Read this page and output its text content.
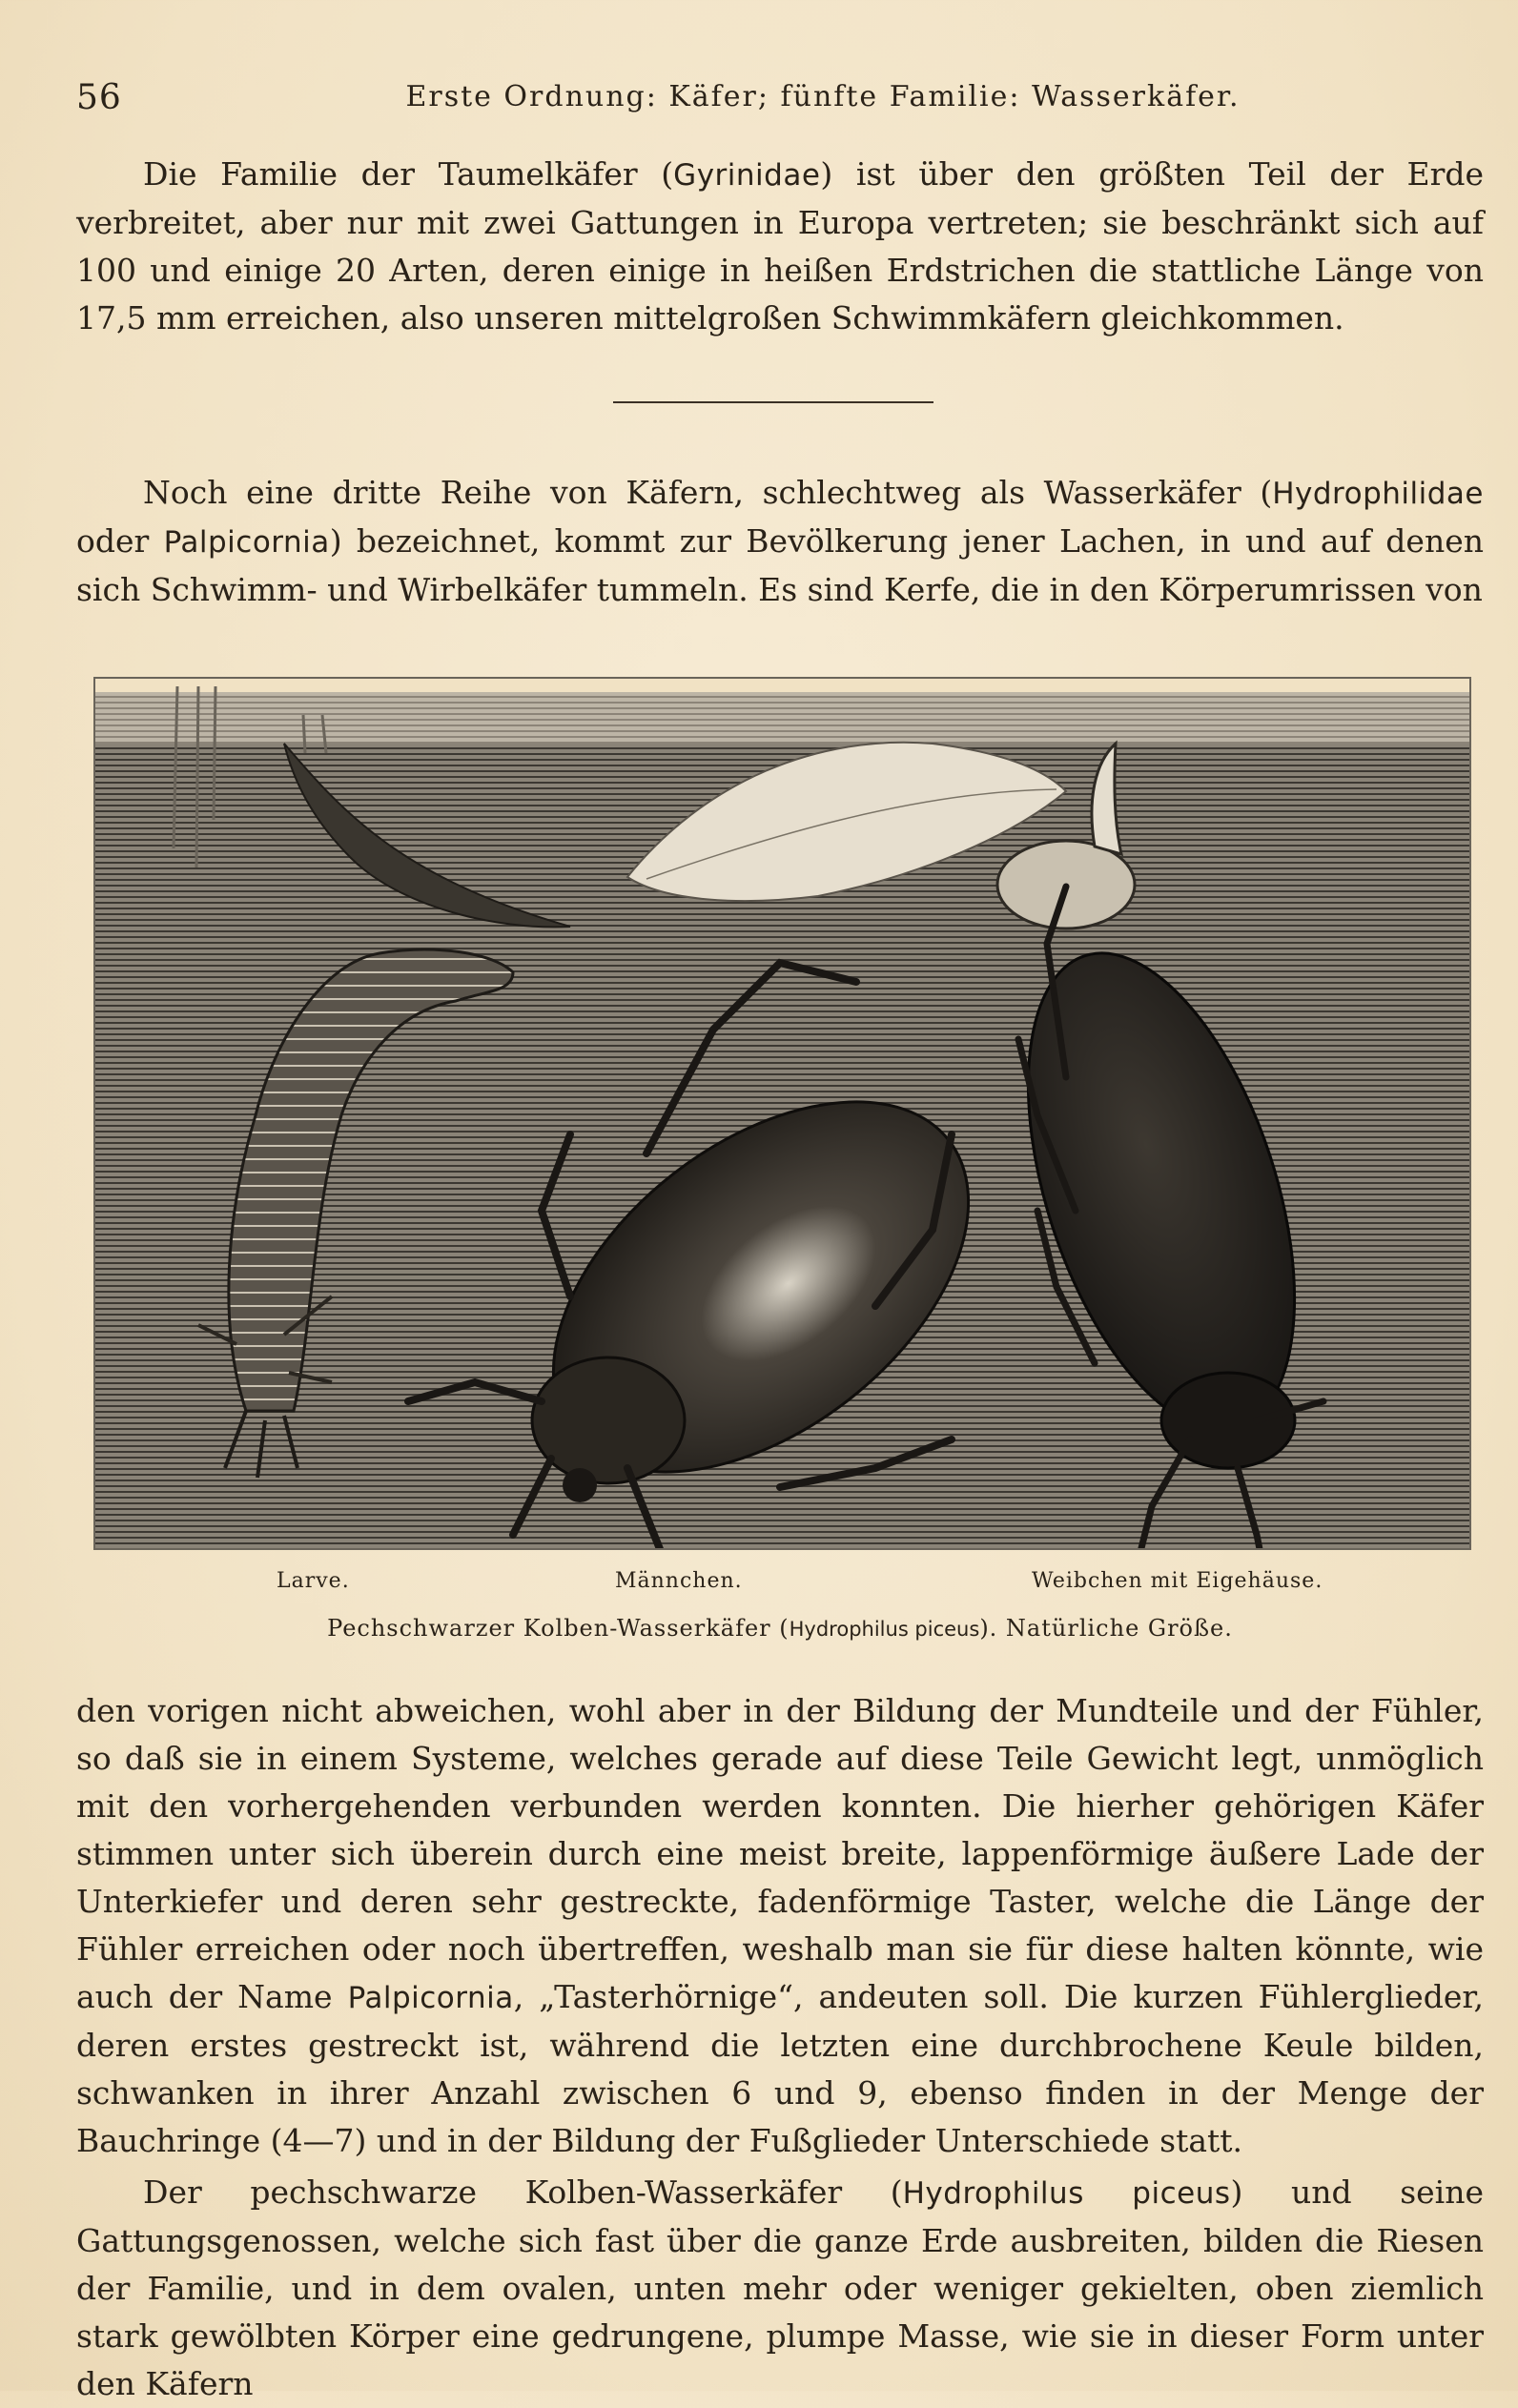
56	Erste Ordnung: Käfer; fünfte Familie: Wasserkäfer.

Die Familie der Taumelkäfer (Gyrinidae) ist über den größten Teil der Erde verbreitet, aber nur mit zwei Gattungen in Europa vertreten; sie beschränkt sich auf 100 und einige 20 Arten, deren einige in heißen Erdstrichen die stattliche Länge von 17,5 mm erreichen, also unseren mittelgroßen Schwimmkäfern gleichkommen.

Noch eine dritte Reihe von Käfern, schlechtweg als Wasserkäfer (Hydrophilidae oder Palpicornia) bezeichnet, kommt zur Bevölkerung jener Lachen, in und auf denen sich Schwimm- und Wirbelkäfer tummeln. Es sind Kerfe, die in den Körperumrissen von

Larve.	Männchen.	Weibchen mit Eigehäuse.
Pechschwarzer Kolben-Wasserkäfer (Hydrophilus piceus). Natürliche Größe.

den vorigen nicht abweichen, wohl aber in der Bildung der Mundteile und der Fühler, so daß sie in einem Systeme, welches gerade auf diese Teile Gewicht legt, unmöglich mit den vorhergehenden verbunden werden konnten. Die hierher gehörigen Käfer stimmen unter sich überein durch eine meist breite, lappenförmige äußere Lade der Unterkiefer und deren sehr gestreckte, fadenförmige Taster, welche die Länge der Fühler erreichen oder noch übertreffen, weshalb man sie für diese halten könnte, wie auch der Name Palpicornia, „Tasterhörnige“, andeuten soll. Die kurzen Fühlerglieder, deren erstes gestreckt ist, während die letzten eine durchbrochene Keule bilden, schwanken in ihrer Anzahl zwischen 6 und 9, ebenso finden in der Menge der Bauchringe (4—7) und in der Bildung der Fußglieder Unterschiede statt.

Der pechschwarze Kolben-Wasserkäfer (Hydrophilus piceus) und seine Gattungsgenossen, welche sich fast über die ganze Erde ausbreiten, bilden die Riesen der Familie, und in dem ovalen, unten mehr oder weniger gekielten, oben ziemlich stark gewölbten Körper eine gedrungene, plumpe Masse, wie sie in dieser Form unter den Käfern
